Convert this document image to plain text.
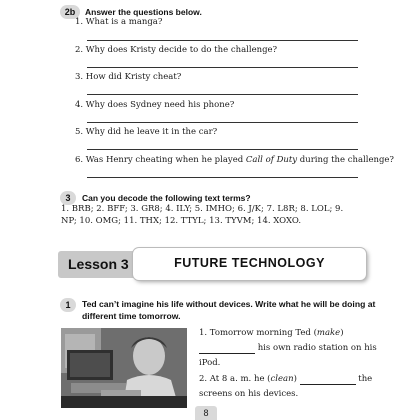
2b	Answer the questions below.
1. What is a manga?
2. Why does Kristy decide to do the challenge?
3. How did Kristy cheat?
4. Why does Sydney need his phone?
5. Why did he leave it in the car?
6. Was Henry cheating when he played Call of Duty during the challenge?
3	Can you decode the following text terms?
1. BRB; 2. BFF; 3. GR8; 4. ILY; 5. IMHO; 6. J/K; 7. L8R; 8. LOL; 9. NP; 10. OMG; 11. THX; 12. TTYL; 13. TYVM; 14. XOXO.
Lesson 3	FUTURE TECHNOLOGY
1	Ted can’t imagine his life without devices. Write what he will be doing at
different time tomorrow.
1. Tomorrow morning Ted (make)
his own radio station on his
iPod.
2. At 8 a. m. he (clean)	the
screens on his devices.
8
